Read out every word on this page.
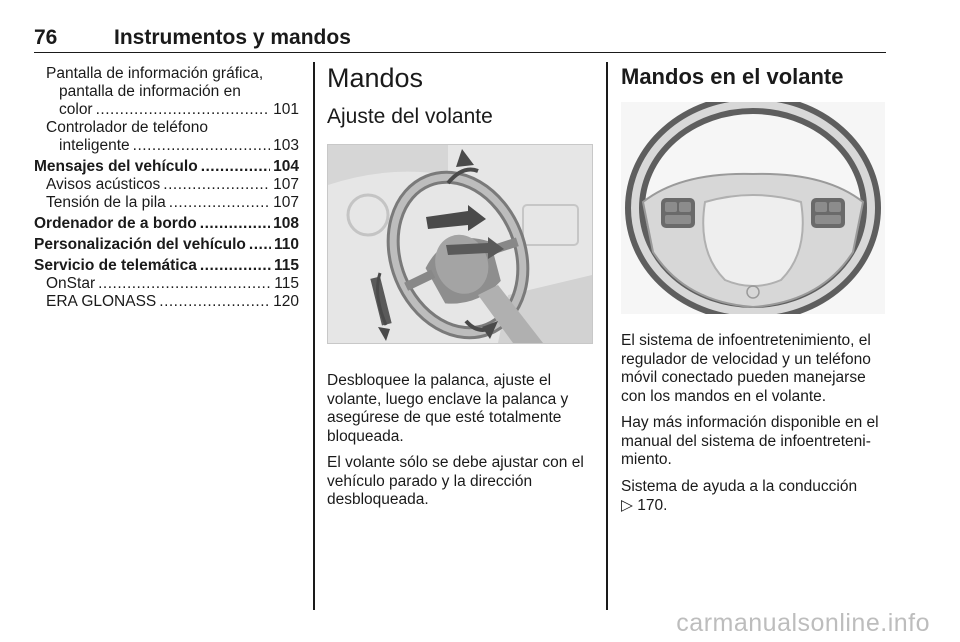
76	Instrumentos y mandos
Pantalla de información gráfica,
pantalla de información en
color .....	101
Controlador de teléfono
inteligente .....	103
Mensajes del vehículo .....	104
Avisos acústicos .....	107
Tensión de la pila .....	107
Ordenador de a bordo .....	108
Personalización del vehículo ..... 110
Servicio de telemática .....	115
OnStar .....	115
ERA GLONASS .....	120
Mandos
Ajuste del volante

Desbloquee la palanca, ajuste el volante, luego enclave la palanca y asegúrese de que esté totalmente bloqueada.

El volante sólo se debe ajustar con el vehículo parado y la dirección desbloqueada.

Mandos en el volante

El sistema de infoentretenimiento, el regulador de velocidad y un teléfono móvil conectado pueden manejarse con los mandos en el volante.

Hay más información disponible en el manual del sistema de infoentretenimiento.

Sistema de ayuda a la conducción
▷ 170.

carmanualsonline.info
